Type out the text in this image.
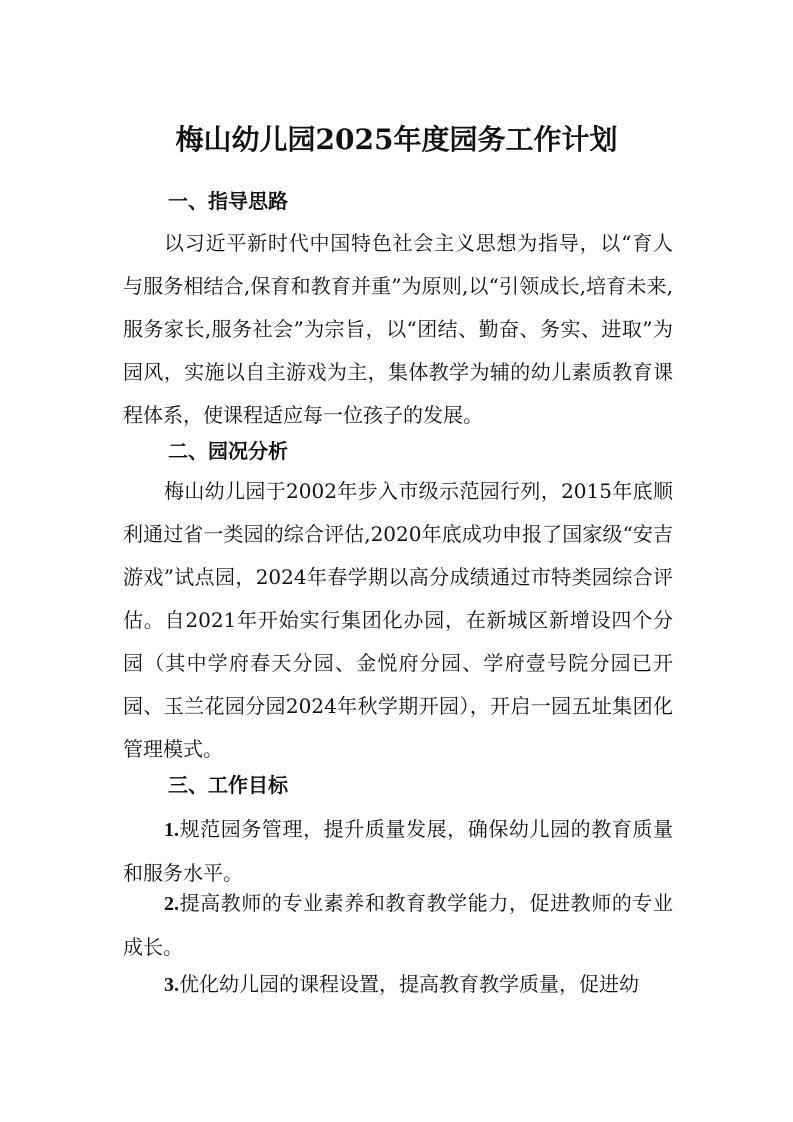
梅山幼儿园2025年度园务工作计划
一、指导思路

以习近平新时代中国特色社会主义思想为指导，以“育人与服务相结合,保育和教育并重”为原则,以“引领成长,培育未来,服务家长,服务社会”为宗旨，以“团结、勤奋、务实、进取”为园风，实施以自主游戏为主，集体教学为辅的幼儿素质教育课程体系，使课程适应每一位孩子的发展。

二、园况分析

梅山幼儿园于2002年步入市级示范园行列，2015年底顺利通过省一类园的综合评估,2020年底成功申报了国家级“安吉游戏”试点园，2024年春学期以高分成绩通过市特类园综合评估。自2021年开始实行集团化办园，在新城区新增设四个分园（其中学府春天分园、金悦府分园、学府壹号院分园已开园、玉兰花园分园2024年秋学期开园），开启一园五址集团化管理模式。

三、工作目标

1.规范园务管理，提升质量发展，确保幼儿园的教育质量和服务水平。

2.提高教师的专业素养和教育教学能力，促进教师的专业成长。

3.优化幼儿园的课程设置，提高教育教学质量，促进幼
